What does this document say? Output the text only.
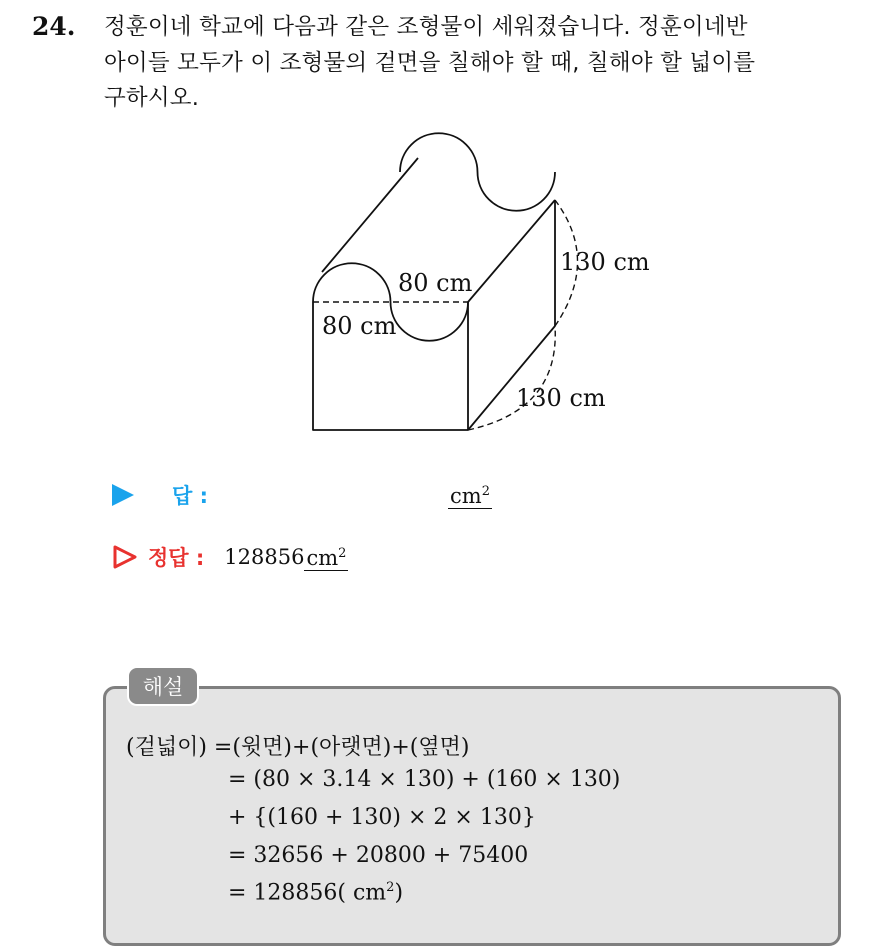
24. 정훈이네 학교에 다음과 같은 조형물이 세워졌습니다. 정훈이네반
아이들 모두가 이 조형물의 겉면을 칠해야 할 때, 칠해야 할 넓이를
구하시오.
80 cm
80 cm
130 cm
130 cm
답 :	$cm^2$
정답 : 128856 $cm^2$
해설
(겉넓이) =(윗면)+(아랫면)+(옆면)
= (80 × 3.14 × 130) + (160 × 130)
+ {(160 + 130) × 2 × 130}
= 32656 + 20800 + 75400
= 128856( $cm^2$)
